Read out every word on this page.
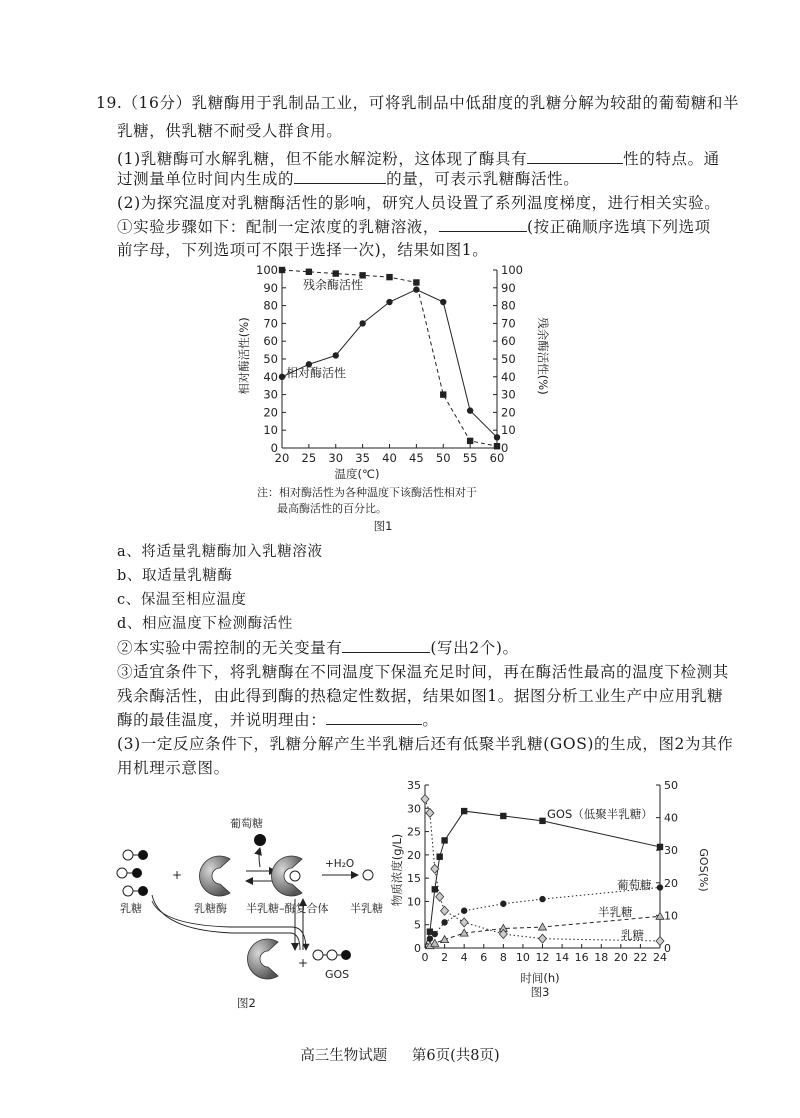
19.（16分）乳糖酶用于乳制品工业，可将乳制品中低甜度的乳糖分解为较甜的葡萄糖和半
乳糖，供乳糖不耐受人群食用。
(1)乳糖酶可水解乳糖，但不能水解淀粉，这体现了酶具有	性的特点。通
过测量单位时间内生成的	的量，可表示乳糖酶活性。
(2)为探究温度对乳糖酶活性的影响，研究人员设置了系列温度梯度，进行相关实验。
①实验步骤如下：配制一定浓度的乳糖溶液，	(按正确顺序选填下列选项
前字母，下列选项可不限于选择一次)，结果如图1。
0	0
10	10
20	20
30	30
40	40
50	50
60	60
70	70
80	80
90	90
100	100
20 25 30 35 40 45 50 55 60
温度(℃)
相对酶活性(%)	残余酶活性(%)
残余酶活性
相对酶活性
注：相对酶活性为各种温度下该酶活性相对于
最高酶活性的百分比。
图1
a、将适量乳糖酶加入乳糖溶液
b、取适量乳糖酶
c、保温至相应温度
d、相应温度下检测酶活性
②本实验中需控制的无关变量有	(写出2个)。
③适宜条件下，将乳糖酶在不同温度下保温充足时间，再在酶活性最高的温度下检测其
残余酶活性，由此得到酶的热稳定性数据，结果如图1。据图分析工业生产中应用乳糖
酶的最佳温度，并说明理由：	。
(3)一定反应条件下，乳糖分解产生半乳糖后还有低聚半乳糖(GOS)的生成，图2为其作
用机理示意图。
乳糖
+
乳糖酶
葡萄糖
半乳糖–酶复合体
+H₂O
半乳糖
+
GOS
图2
0
5
10
15
20
25
30
35
0
10
20
30
40
50
0 2 4 6 8 10 12 14 16 18 20 22 24
时间(h)
物质浓度(g/L)	GOS(%)
GOS（低聚半乳糖）
葡萄糖
半乳糖
乳糖
图3
高三生物试题 第6页(共8页)
